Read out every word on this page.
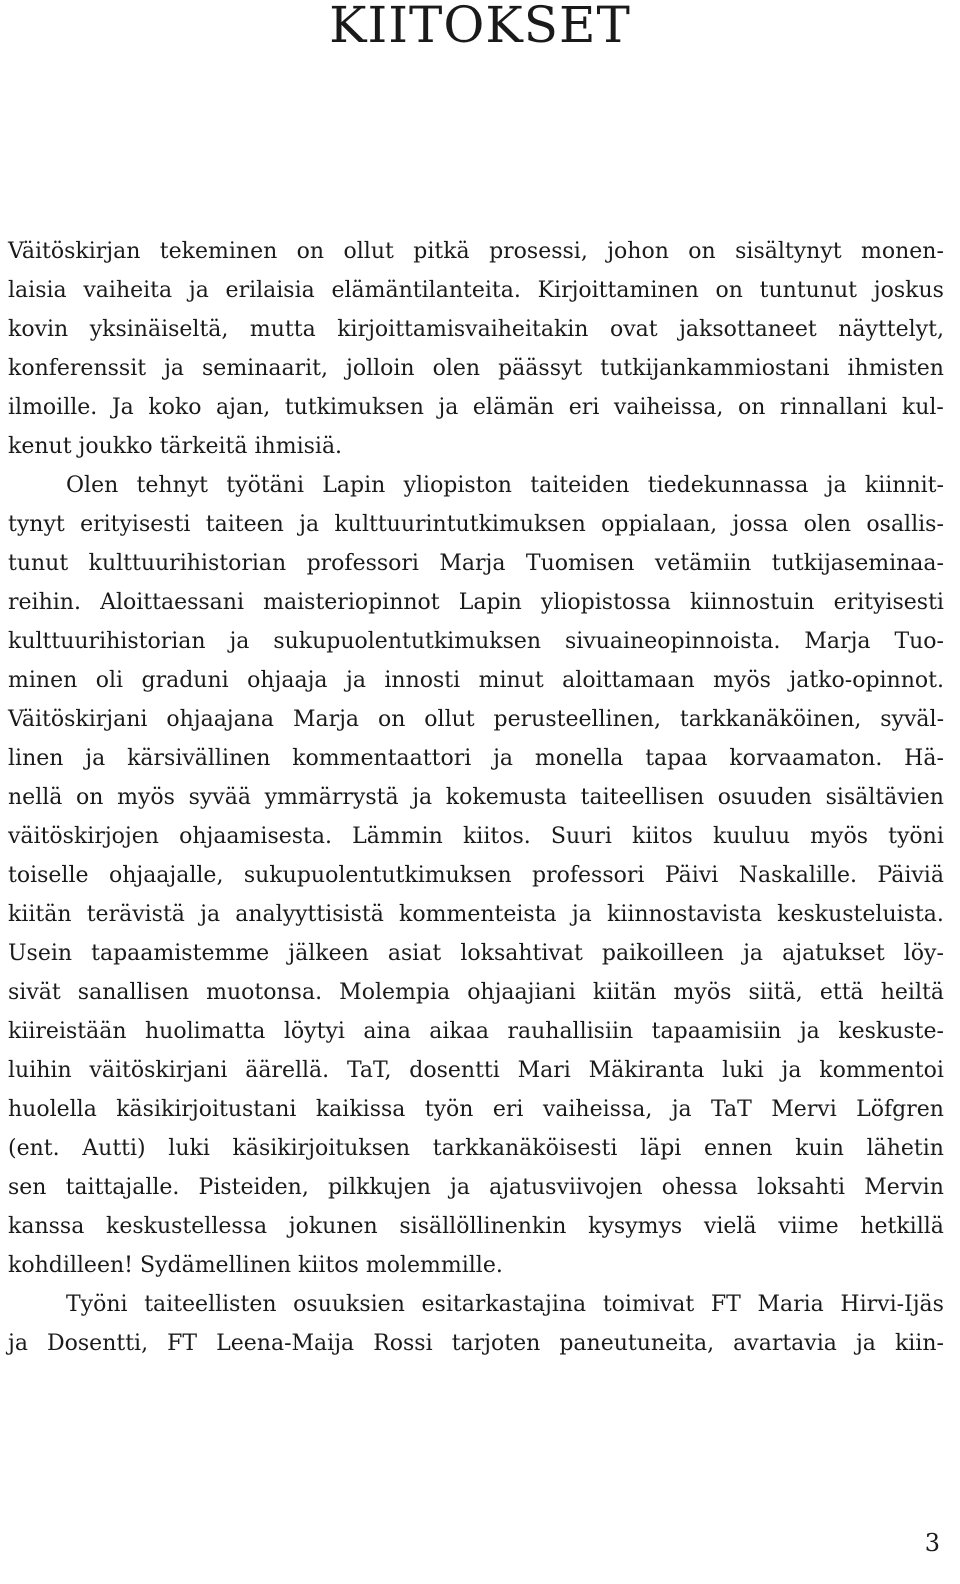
KIITOKSET
Väitöskirjan tekeminen on ollut pitkä prosessi, johon on sisältynyt monen-
laisia vaiheita ja erilaisia elämäntilanteita. Kirjoittaminen on tuntunut joskus
kovin yksinäiseltä, mutta kirjoittamisvaiheitakin ovat jaksottaneet näyttelyt,
konferenssit ja seminaarit, jolloin olen päässyt tutkijankammiostani ihmisten
ilmoille. Ja koko ajan, tutkimuksen ja elämän eri vaiheissa, on rinnallani kul-
kenut joukko tärkeitä ihmisiä.
Olen tehnyt työtäni Lapin yliopiston taiteiden tiedekunnassa ja kiinnit-
tynyt erityisesti taiteen ja kulttuurintutkimuksen oppialaan, jossa olen osallis-
tunut kulttuurihistorian professori Marja Tuomisen vetämiin tutkijaseminaa-
reihin. Aloittaessani maisteriopinnot Lapin yliopistossa kiinnostuin erityisesti
kulttuurihistorian ja sukupuolentutkimuksen sivuaineopinnoista. Marja Tuo-
minen oli graduni ohjaaja ja innosti minut aloittamaan myös jatko-opinnot.
Väitöskirjani ohjaajana Marja on ollut perusteellinen, tarkkanäköinen, syväl-
linen ja kärsivällinen kommentaattori ja monella tapaa korvaamaton. Hä-
nellä on myös syvää ymmärrystä ja kokemusta taiteellisen osuuden sisältävien
väitöskirjojen ohjaamisesta. Lämmin kiitos. Suuri kiitos kuuluu myös työni
toiselle ohjaajalle, sukupuolentutkimuksen professori Päivi Naskalille. Päiviä
kiitän terävistä ja analyyttisistä kommenteista ja kiinnostavista keskusteluista.
Usein tapaamistemme jälkeen asiat loksahtivat paikoilleen ja ajatukset löy-
sivät sanallisen muotonsa. Molempia ohjaajiani kiitän myös siitä, että heiltä
kiireistään huolimatta löytyi aina aikaa rauhallisiin tapaamisiin ja keskuste-
luihin väitöskirjani äärellä. TaT, dosentti Mari Mäkiranta luki ja kommentoi
huolella käsikirjoitustani kaikissa työn eri vaiheissa, ja TaT Mervi Löfgren
(ent. Autti) luki käsikirjoituksen tarkkanäköisesti läpi ennen kuin lähetin
sen taittajalle. Pisteiden, pilkkujen ja ajatusviivojen ohessa loksahti Mervin
kanssa keskustellessa jokunen sisällöllinenkin kysymys vielä viime hetkillä
kohdilleen! Sydämellinen kiitos molemmille.
Työni taiteellisten osuuksien esitarkastajina toimivat FT Maria Hirvi-Ijäs
ja Dosentti, FT Leena-Maija Rossi tarjoten paneutuneita, avartavia ja kiin-
3
